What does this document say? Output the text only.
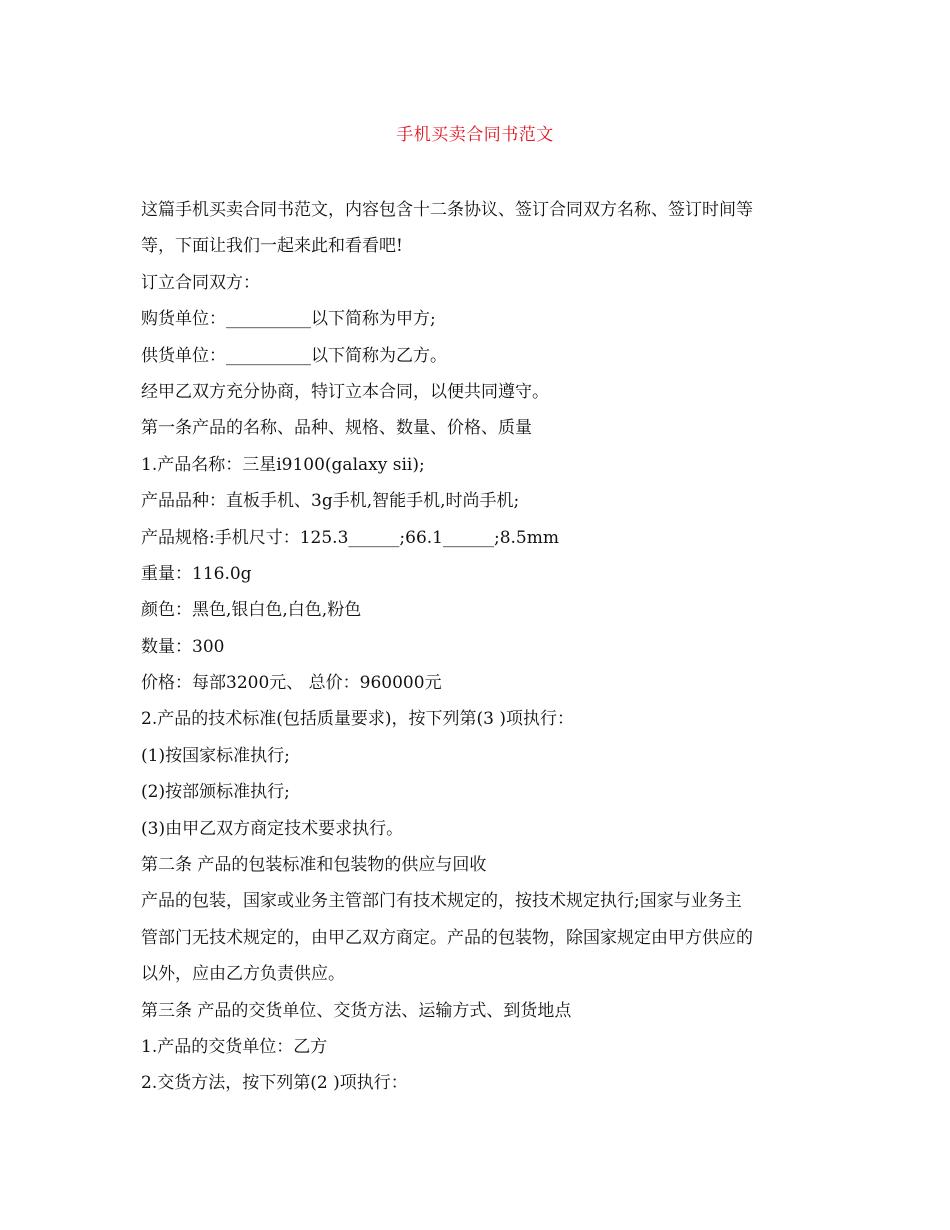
手机买卖合同书范文
这篇手机买卖合同书范文，内容包含十二条协议、签订合同双方名称、签订时间等
等，下面让我们一起来此和看看吧!
订立合同双方：
购货单位：__________以下简称为甲方;
供货单位：__________以下简称为乙方。
经甲乙双方充分协商，特订立本合同，以便共同遵守。
第一条产品的名称、品种、规格、数量、价格、质量
1.产品名称：三星i9100(galaxy sii);
产品品种：直板手机、3g手机,智能手机,时尚手机;
产品规格:手机尺寸：125.3______;66.1______;8.5mm
重量：116.0g
颜色：黑色,银白色,白色,粉色
数量：300
价格：每部3200元、 总价：960000元
2.产品的技术标准(包括质量要求)，按下列第(3 )项执行：
(1)按国家标准执行;
(2)按部颁标准执行;
(3)由甲乙双方商定技术要求执行。
第二条 产品的包装标准和包装物的供应与回收
产品的包装，国家或业务主管部门有技术规定的，按技术规定执行;国家与业务主
管部门无技术规定的，由甲乙双方商定。产品的包装物，除国家规定由甲方供应的
以外，应由乙方负责供应。
第三条 产品的交货单位、交货方法、运输方式、到货地点
1.产品的交货单位：乙方
2.交货方法，按下列第(2 )项执行：
